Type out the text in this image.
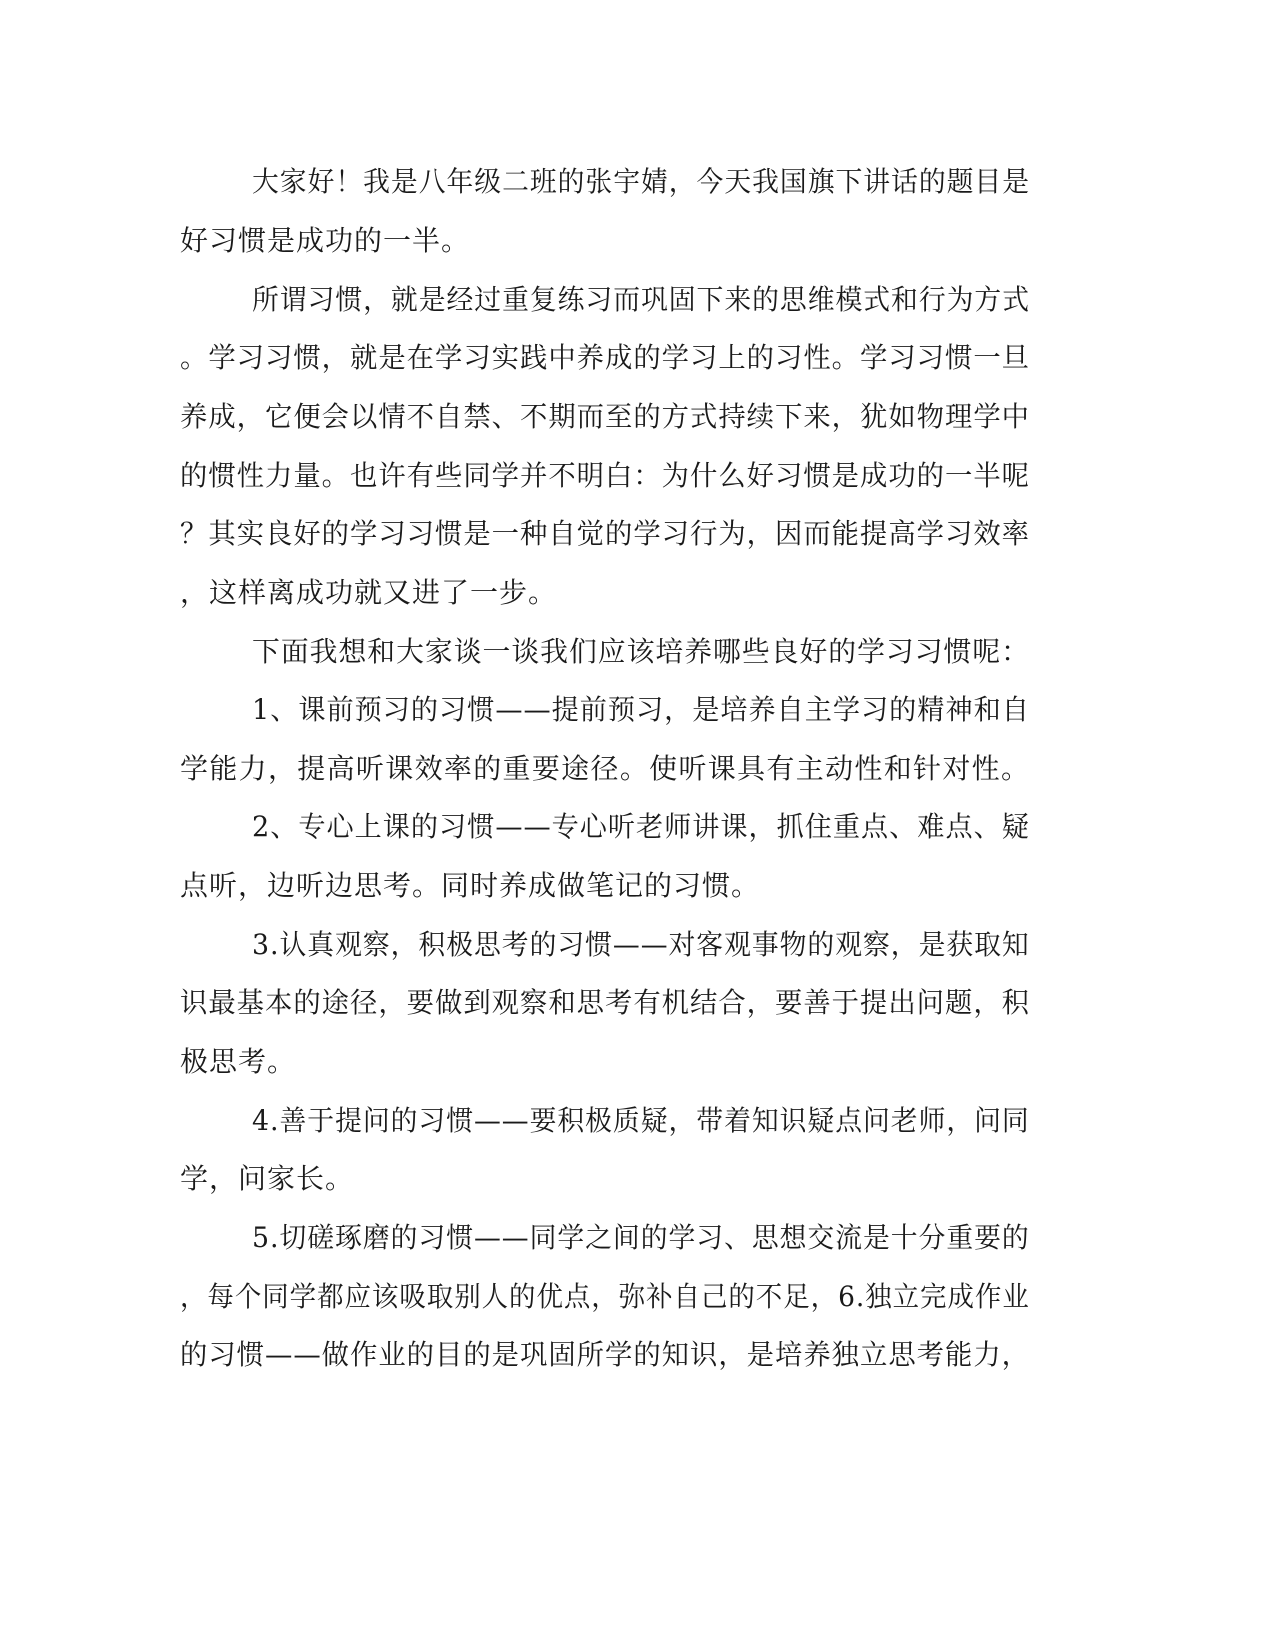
大家好！我是八年级二班的张宇婧，今天我国旗下讲话的题目是
好习惯是成功的一半。
所谓习惯，就是经过重复练习而巩固下来的思维模式和行为方式
。学习习惯，就是在学习实践中养成的学习上的习性。学习习惯一旦
养成，它便会以情不自禁、不期而至的方式持续下来，犹如物理学中
的惯性力量。也许有些同学并不明白：为什么好习惯是成功的一半呢
？其实良好的学习习惯是一种自觉的学习行为，因而能提高学习效率
，这样离成功就又进了一步。
下面我想和大家谈一谈我们应该培养哪些良好的学习习惯呢：
1、课前预习的习惯——提前预习，是培养自主学习的精神和自
学能力，提高听课效率的重要途径。使听课具有主动性和针对性。
2、专心上课的习惯——专心听老师讲课，抓住重点、难点、疑
点听，边听边思考。同时养成做笔记的习惯。
3.认真观察，积极思考的习惯——对客观事物的观察，是获取知
识最基本的途径，要做到观察和思考有机结合，要善于提出问题，积
极思考。
4.善于提问的习惯——要积极质疑，带着知识疑点问老师，问同
学，问家长。
5.切磋琢磨的习惯——同学之间的学习、思想交流是十分重要的
，每个同学都应该吸取别人的优点，弥补自己的不足，6.独立完成作业
的习惯——做作业的目的是巩固所学的知识，是培养独立思考能力，
